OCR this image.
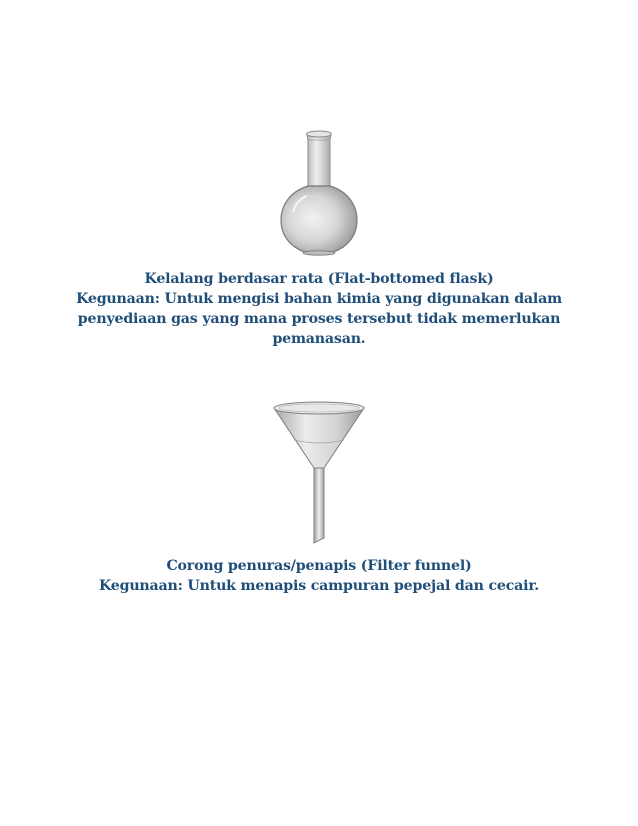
Kelalang berdasar rata (Flat-bottomed flask)
Kegunaan: Untuk mengisi bahan kimia yang digunakan dalam
penyediaan gas yang mana proses tersebut tidak memerlukan
pemanasan.
Corong penuras/penapis (Filter funnel)
Kegunaan: Untuk menapis campuran pepejal dan cecair.
